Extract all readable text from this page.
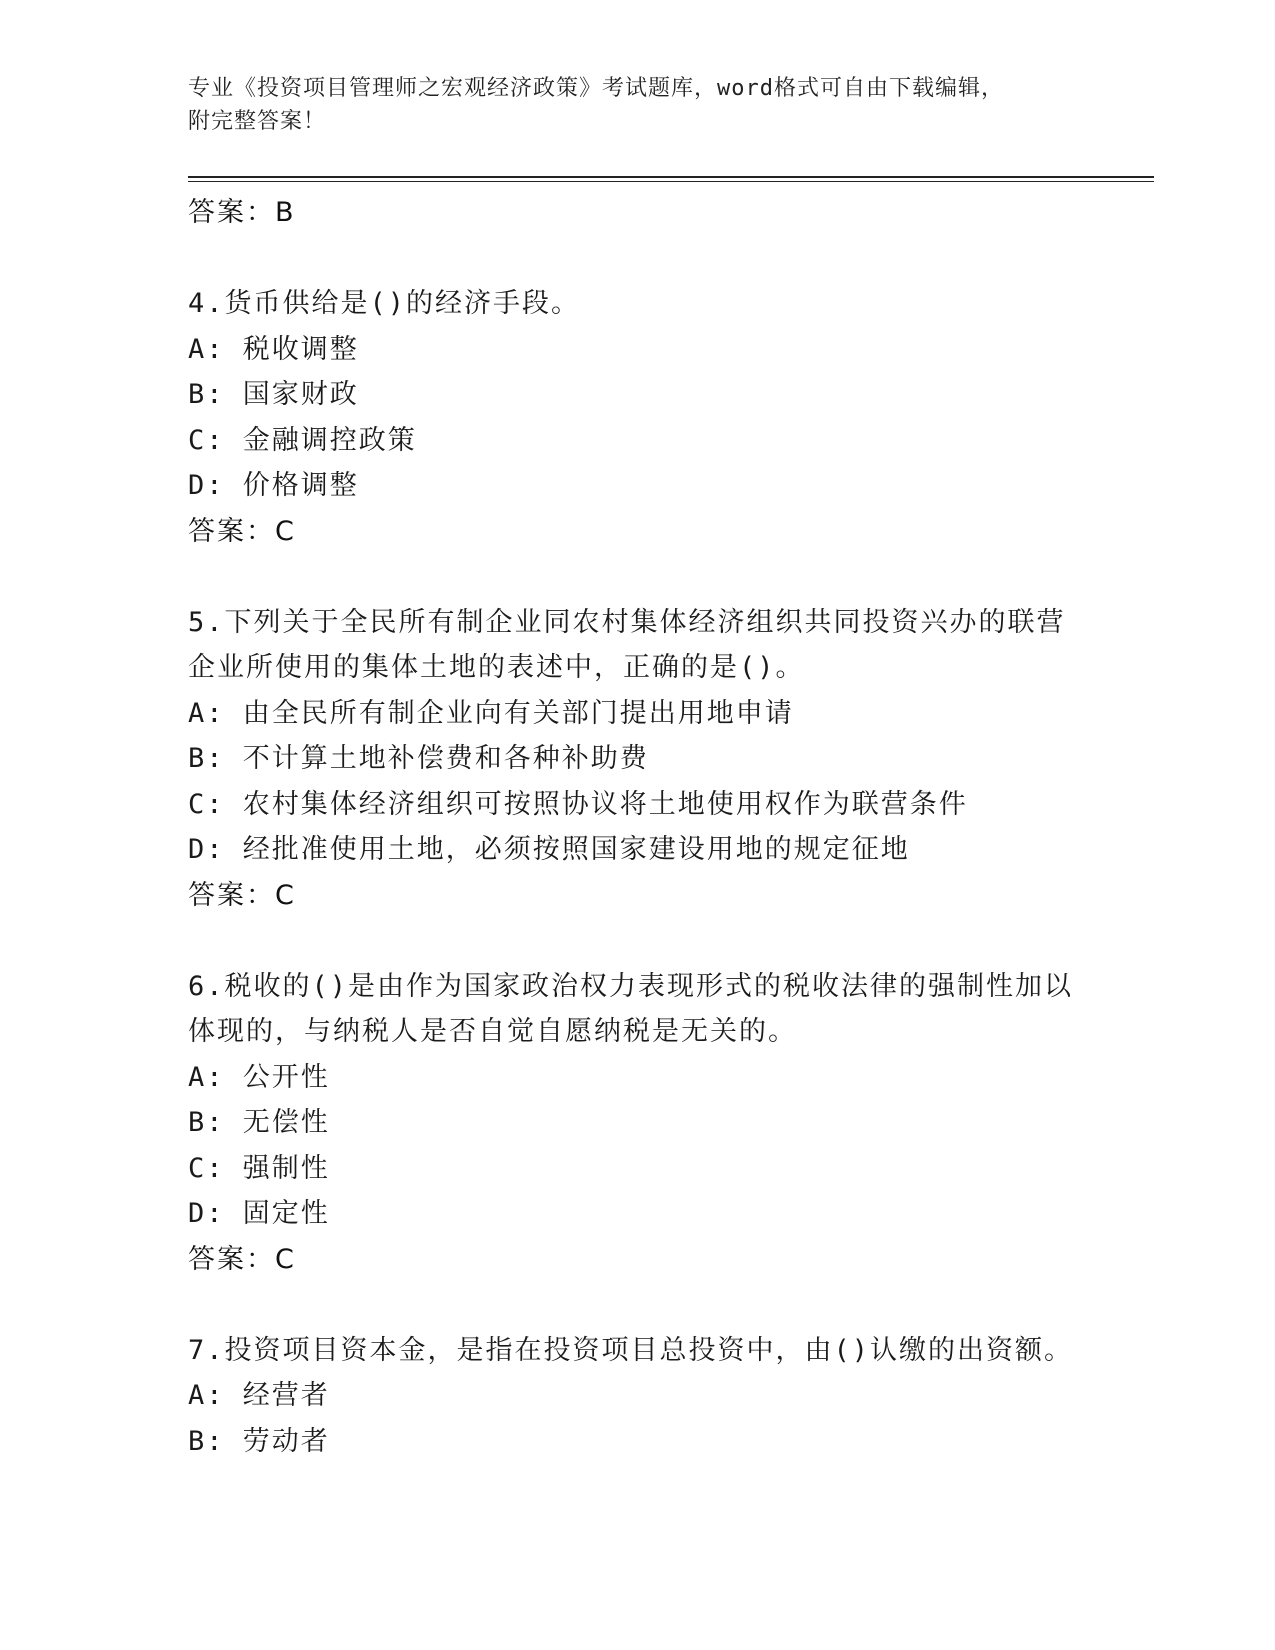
专业《投资项目管理师之宏观经济政策》考试题库，word格式可自由下载编辑，
附完整答案！
答案：B
4.货币供给是()的经济手段。
A: 税收调整
B: 国家财政
C: 金融调控政策
D: 价格调整
答案：C
5.下列关于全民所有制企业同农村集体经济组织共同投资兴办的联营
企业所使用的集体土地的表述中，正确的是()。
A: 由全民所有制企业向有关部门提出用地申请
B: 不计算土地补偿费和各种补助费
C: 农村集体经济组织可按照协议将土地使用权作为联营条件
D: 经批准使用土地，必须按照国家建设用地的规定征地
答案：C
6.税收的()是由作为国家政治权力表现形式的税收法律的强制性加以
体现的，与纳税人是否自觉自愿纳税是无关的。
A: 公开性
B: 无偿性
C: 强制性
D: 固定性
答案：C
7.投资项目资本金，是指在投资项目总投资中，由()认缴的出资额。
A: 经营者
B: 劳动者
